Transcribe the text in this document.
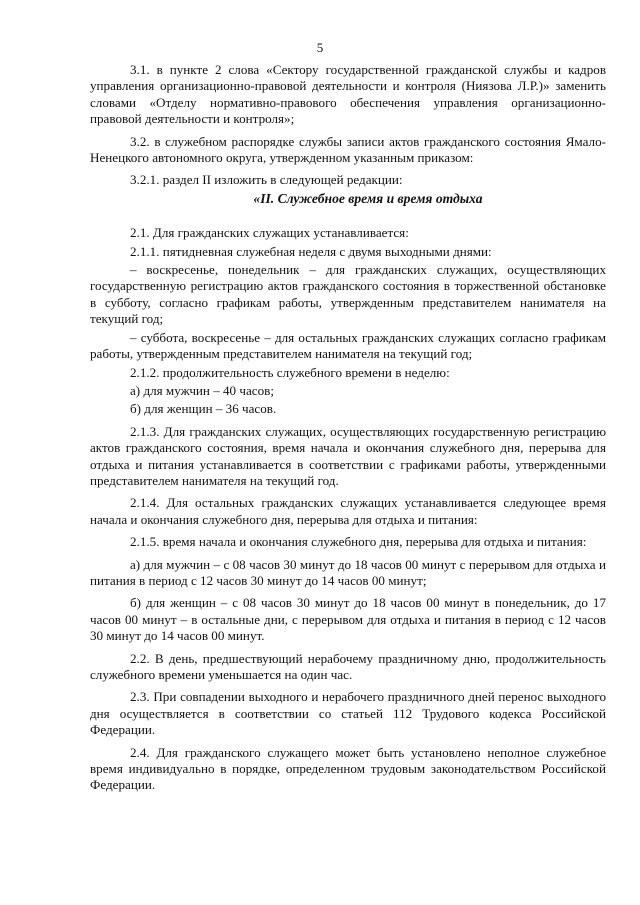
5

3.1. в пункте 2 слова «Сектору государственной гражданской службы и кадров управления организационно-правовой деятельности и контроля (Ниязова Л.Р.)» заменить словами «Отделу нормативно-правового обеспечения управления организационно-правовой деятельности и контроля»;

3.2. в служебном распорядке службы записи актов гражданского состояния Ямало-Ненецкого автономного округа, утвержденном указанным приказом:

3.2.1. раздел II изложить в следующей редакции:

«II. Служебное время и время отдыха

2.1. Для гражданских служащих устанавливается:

2.1.1. пятидневная служебная неделя с двумя выходными днями:

– воскресенье, понедельник – для гражданских служащих, осуществляющих государственную регистрацию актов гражданского состояния в торжественной обстановке в субботу, согласно графикам работы, утвержденным представителем нанимателя на текущий год;

– суббота, воскресенье – для остальных гражданских служащих согласно графикам работы, утвержденным представителем нанимателя на текущий год;

2.1.2. продолжительность служебного времени в неделю:

а) для мужчин – 40 часов;

б) для женщин – 36 часов.

2.1.3. Для гражданских служащих, осуществляющих государственную регистрацию актов гражданского состояния, время начала и окончания служебного дня, перерыва для отдыха и питания устанавливается в соответствии с графиками работы, утвержденными представителем нанимателя на текущий год.

2.1.4. Для остальных гражданских служащих устанавливается следующее время начала и окончания служебного дня, перерыва для отдыха и питания:

2.1.5. время начала и окончания служебного дня, перерыва для отдыха и питания:

а) для мужчин – с 08 часов 30 минут до 18 часов 00 минут с перерывом для отдыха и питания в период с 12 часов 30 минут до 14 часов 00 минут;

б) для женщин – с 08 часов 30 минут до 18 часов 00 минут в понедельник, до 17 часов 00 минут – в остальные дни, с перерывом для отдыха и питания в период с 12 часов 30 минут до 14 часов 00 минут.

2.2. В день, предшествующий нерабочему праздничному дню, продолжительность служебного времени уменьшается на один час.

2.3. При совпадении выходного и нерабочего праздничного дней перенос выходного дня осуществляется в соответствии со статьей 112 Трудового кодекса Российской Федерации.

2.4. Для гражданского служащего может быть установлено неполное служебное время индивидуально в порядке, определенном трудовым законодательством Российской Федерации.
